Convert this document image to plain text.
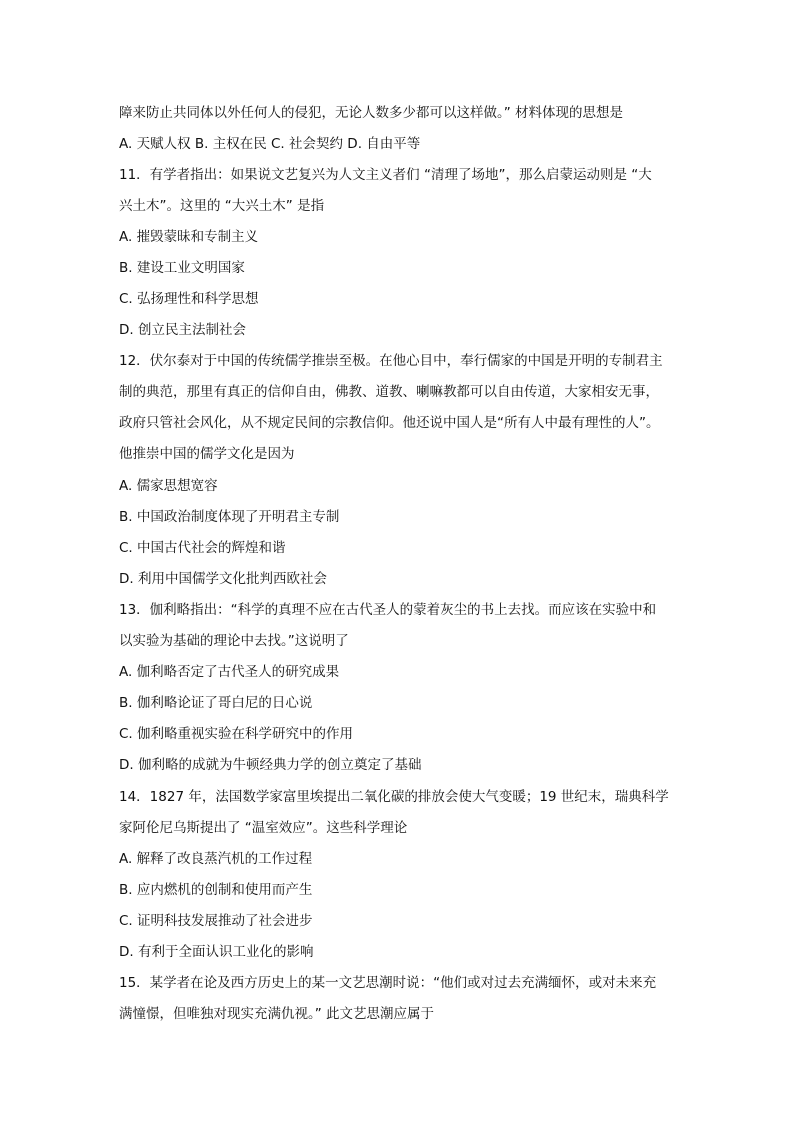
障来防止共同体以外任何人的侵犯，无论人数多少都可以这样做。” 材料体现的思想是
A. 天赋人权 B. 主权在民 C. 社会契约 D. 自由平等
11．有学者指出：如果说文艺复兴为人文主义者们 “清理了场地”，那么启蒙运动则是 “大
兴土木”。这里的 “大兴土木” 是指
A. 摧毁蒙昧和专制主义
B. 建设工业文明国家
C. 弘扬理性和科学思想
D. 创立民主法制社会
12．伏尔泰对于中国的传统儒学推崇至极。在他心目中，奉行儒家的中国是开明的专制君主
制的典范，那里有真正的信仰自由，佛教、道教、喇嘛教都可以自由传道，大家相安无事，
政府只管社会风化，从不规定民间的宗教信仰。他还说中国人是“所有人中最有理性的人”。
他推崇中国的儒学文化是因为
A. 儒家思想宽容
B. 中国政治制度体现了开明君主专制
C. 中国古代社会的辉煌和谐
D. 利用中国儒学文化批判西欧社会
13．伽利略指出：“科学的真理不应在古代圣人的蒙着灰尘的书上去找。而应该在实验中和
以实验为基础的理论中去找。”这说明了
A. 伽利略否定了古代圣人的研究成果
B. 伽利略论证了哥白尼的日心说
C. 伽利略重视实验在科学研究中的作用
D. 伽利略的成就为牛顿经典力学的创立奠定了基础
14．1827 年，法国数学家富里埃提出二氧化碳的排放会使大气变暖；19 世纪末，瑞典科学
家阿伦尼乌斯提出了 “温室效应”。这些科学理论
A. 解释了改良蒸汽机的工作过程
B. 应内燃机的创制和使用而产生
C. 证明科技发展推动了社会进步
D. 有利于全面认识工业化的影响
15．某学者在论及西方历史上的某一文艺思潮时说：“他们或对过去充满缅怀，或对未来充
满憧憬，但唯独对现实充满仇视。” 此文艺思潮应属于
